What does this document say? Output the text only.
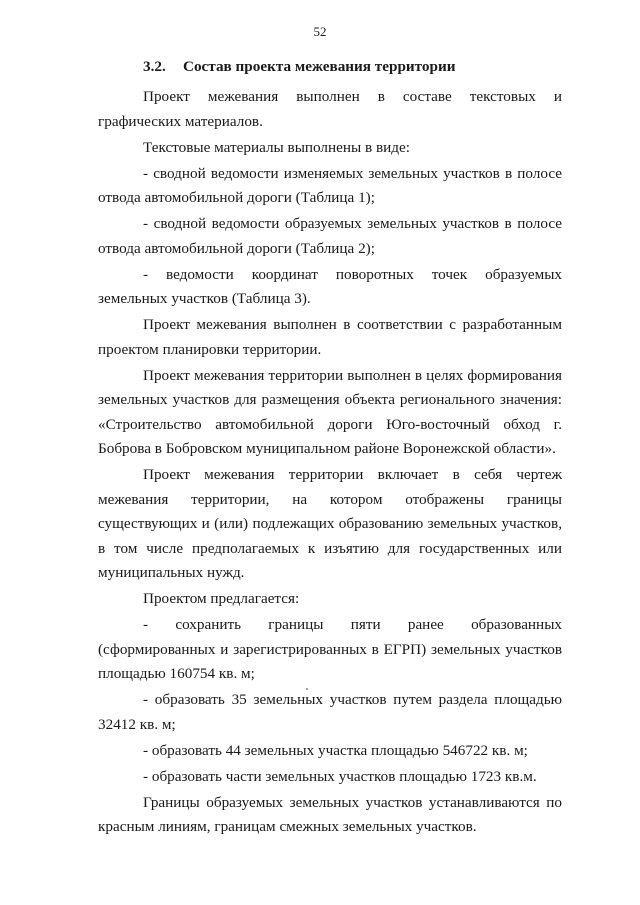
52
3.2. Состав проекта межевания территории
Проект межевания выполнен в составе текстовых и графических материалов.
Текстовые материалы выполнены в виде:
- сводной ведомости изменяемых земельных участков в полосе отвода автомобильной дороги (Таблица 1);
- сводной ведомости образуемых земельных участков в полосе отвода автомобильной дороги (Таблица 2);
- ведомости координат поворотных точек образуемых земельных участков (Таблица 3).
Проект межевания выполнен в соответствии с разработанным проектом планировки территории.
Проект межевания территории выполнен в целях формирования земельных участков для размещения объекта регионального значения: «Строительство автомобильной дороги Юго-восточный обход г. Боброва в Бобровском муниципальном районе Воронежской области».
Проект межевания территории включает в себя чертеж межевания территории, на котором отображены границы существующих и (или) подлежащих образованию земельных участков, в том числе предполагаемых к изъятию для государственных или муниципальных нужд.
Проектом предлагается:
- сохранить границы пяти ранее образованных (сформированных и зарегистрированных в ЕГРП) земельных участков площадью 160754 кв. м;
- образовать 35 земельных участков путем раздела площадью 32412 кв. м;
- образовать 44 земельных участка площадью 546722 кв. м;
- образовать части земельных участков площадью 1723 кв.м.
Границы образуемых земельных участков устанавливаются по красным линиям, границам смежных земельных участков.
